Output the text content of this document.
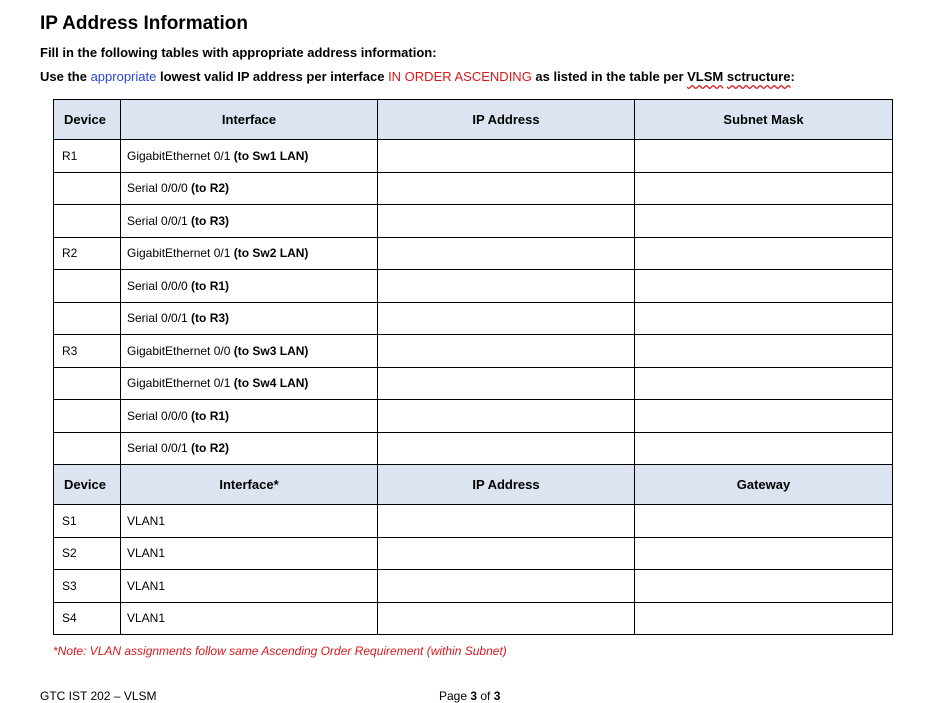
IP Address Information
Fill in the following tables with appropriate address information:
Use the appropriate lowest valid IP address per interface IN ORDER ASCENDING as listed in the table per VLSM sctructure:
Device	Interface	IP Address	Subnet Mask
R1	GigabitEthernet 0/1 (to Sw1 LAN)		
	Serial 0/0/0 (to R2)		
	Serial 0/0/1 (to R3)		
R2	GigabitEthernet 0/1 (to Sw2 LAN)		
	Serial 0/0/0 (to R1)		
	Serial 0/0/1 (to R3)		
R3	GigabitEthernet 0/0 (to Sw3 LAN)		
	GigabitEthernet 0/1 (to Sw4 LAN)		
	Serial 0/0/0 (to R1)		
	Serial 0/0/1 (to R2)		
Device	Interface*	IP Address	Gateway
S1	VLAN1		
S2	VLAN1		
S3	VLAN1		
S4	VLAN1		
*Note: VLAN assignments follow same Ascending Order Requirement (within Subnet)
GTC IST 202 – VLSM	Page 3 of 3
